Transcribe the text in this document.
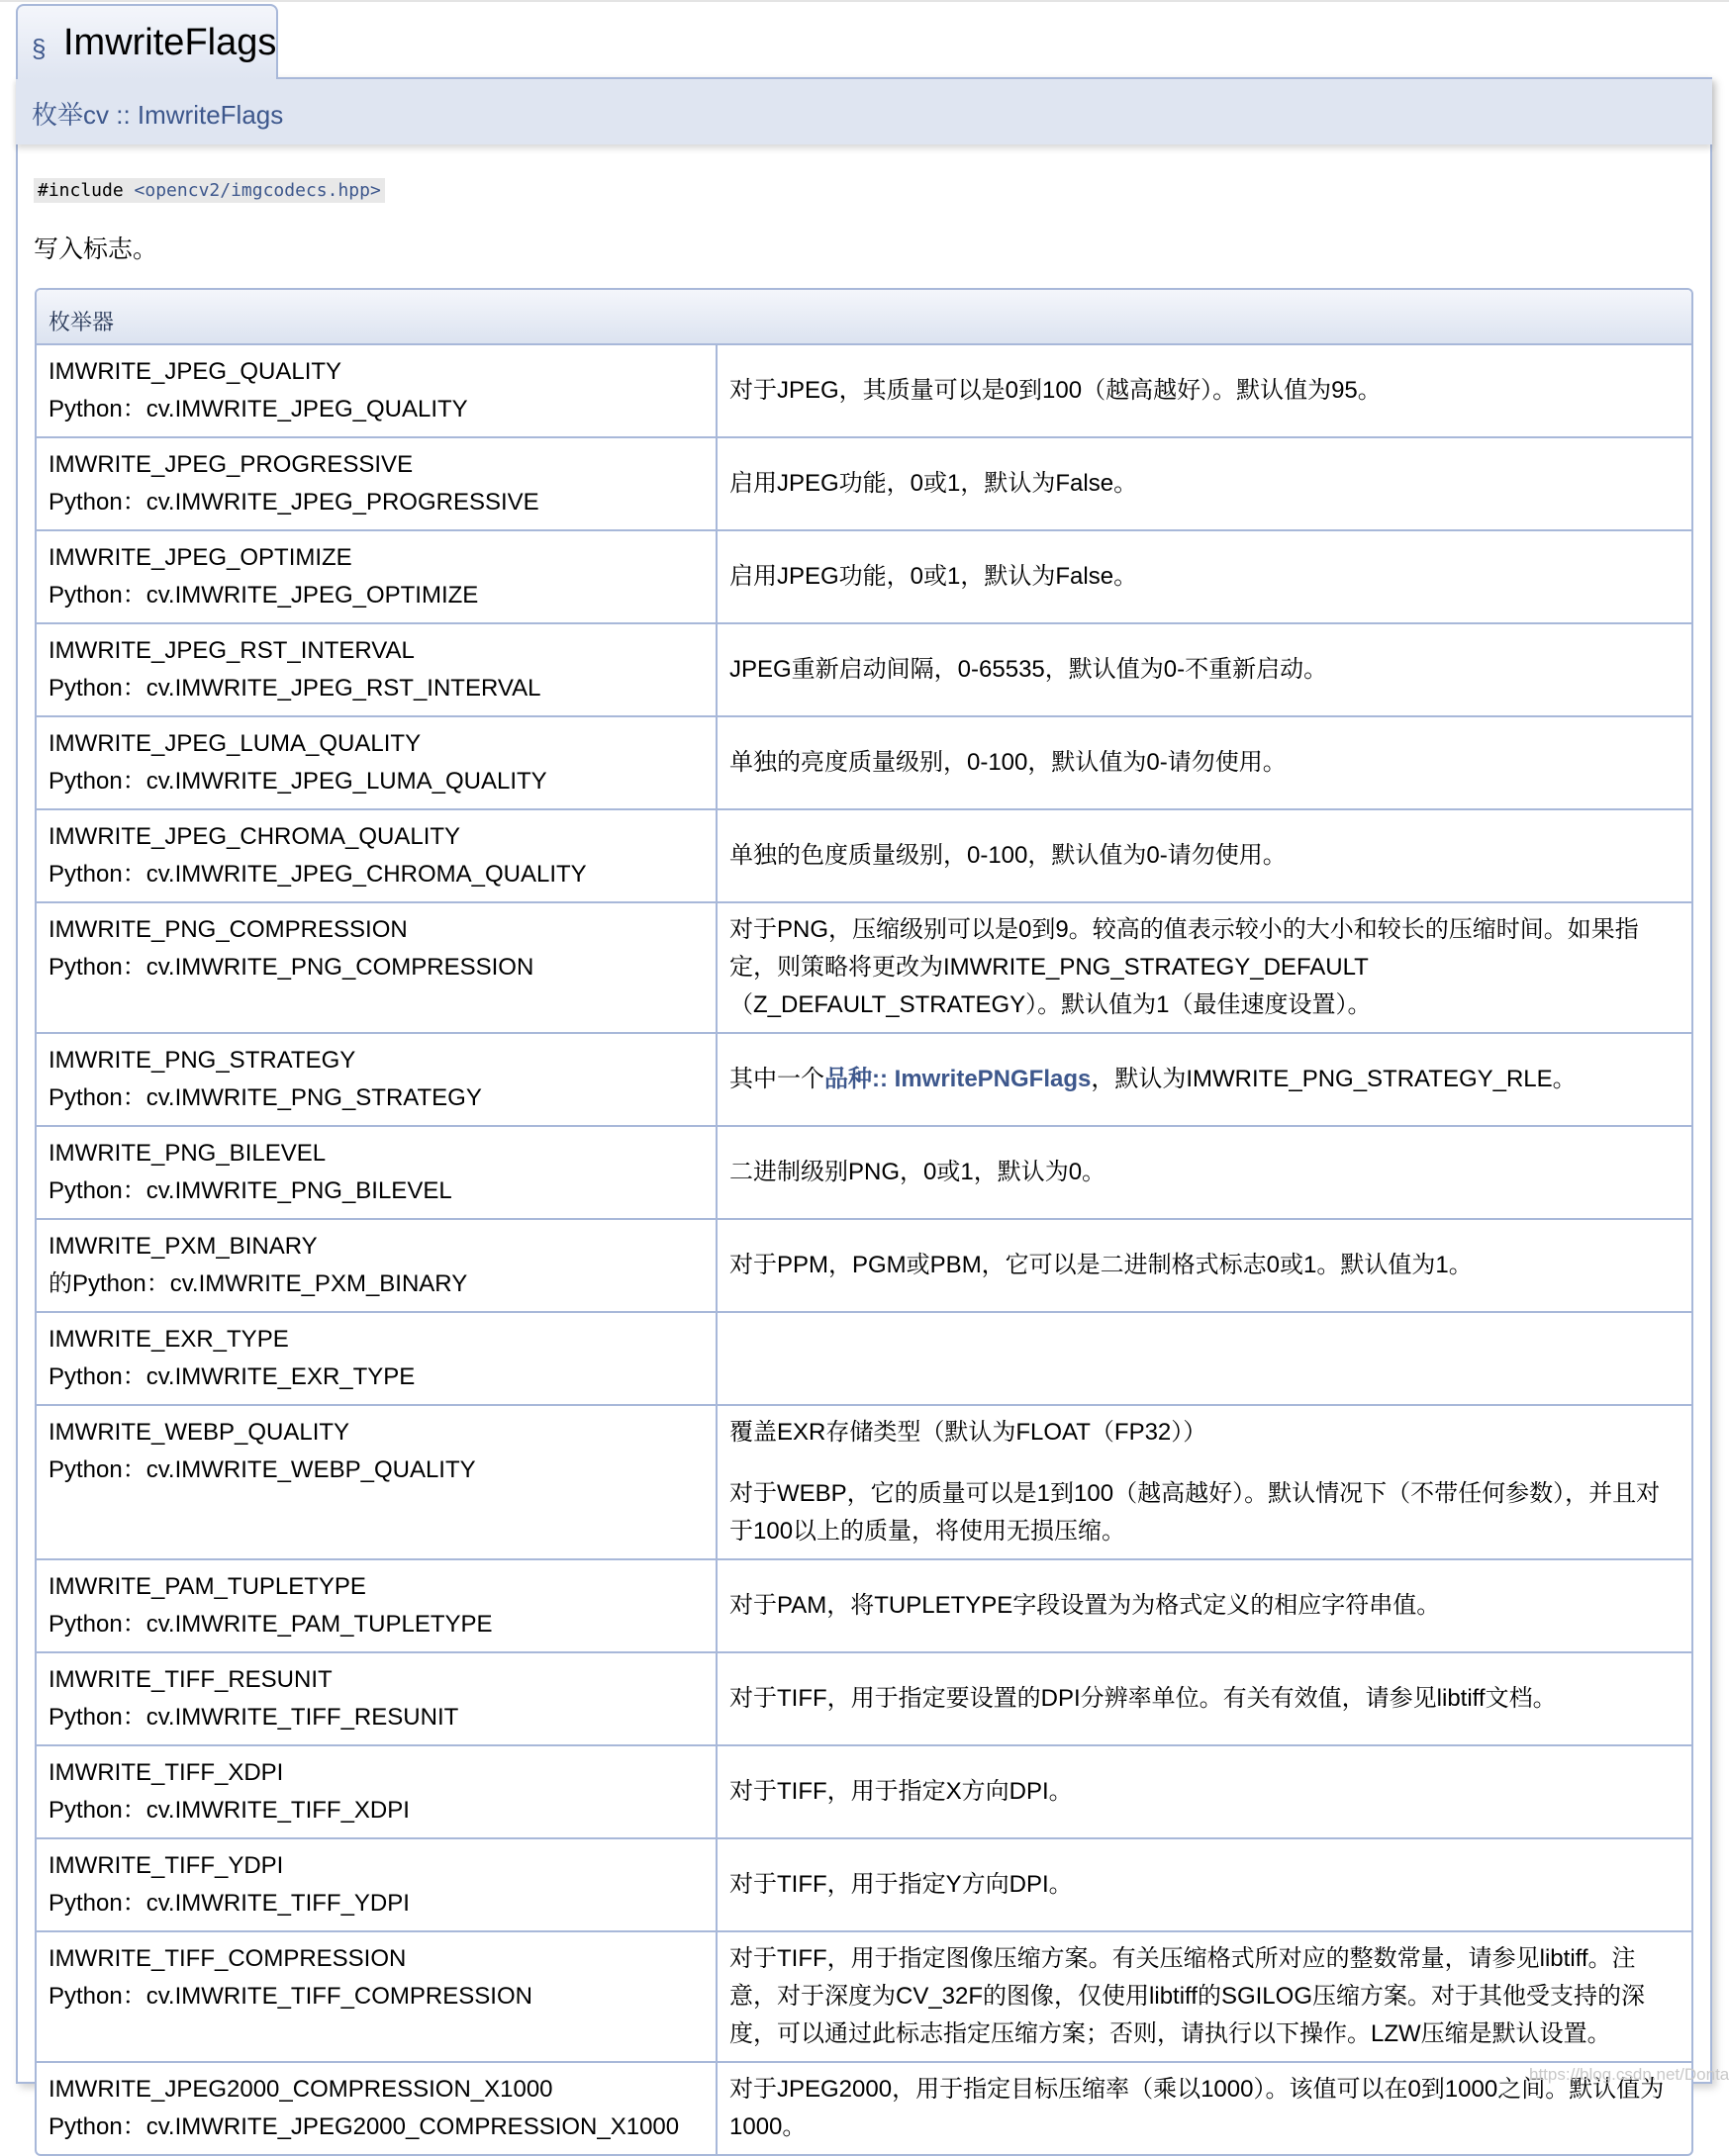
枚举cv :: ImwriteFlags
§ ImwriteFlags
#include <opencv2/imgcodecs.hpp>
写入标志。
枚举器
IMWRITE_JPEG_QUALITY
Python：cv.IMWRITE_JPEG_QUALITY

对于JPEG，其质量可以是0到100（越高越好）。默认值为95。

IMWRITE_JPEG_PROGRESSIVE
Python：cv.IMWRITE_JPEG_PROGRESSIVE

启用JPEG功能，0或1，默认为False。

IMWRITE_JPEG_OPTIMIZE
Python：cv.IMWRITE_JPEG_OPTIMIZE

启用JPEG功能，0或1，默认为False。

IMWRITE_JPEG_RST_INTERVAL
Python：cv.IMWRITE_JPEG_RST_INTERVAL

JPEG重新启动间隔，0-65535，默认值为0-不重新启动。

IMWRITE_JPEG_LUMA_QUALITY
Python：cv.IMWRITE_JPEG_LUMA_QUALITY

单独的亮度质量级别，0-100，默认值为0-请勿使用。

IMWRITE_JPEG_CHROMA_QUALITY
Python：cv.IMWRITE_JPEG_CHROMA_QUALITY

单独的色度质量级别，0-100，默认值为0-请勿使用。

IMWRITE_PNG_COMPRESSION
Python：cv.IMWRITE_PNG_COMPRESSION

对于PNG，压缩级别可以是0到9。较高的值表示较小的大小和较长的压缩时间。如果指定，则策略将更改为IMWRITE_PNG_STRATEGY_DEFAULT（Z_DEFAULT_STRATEGY）。默认值为1（最佳速度设置）。

IMWRITE_PNG_STRATEGY
Python：cv.IMWRITE_PNG_STRATEGY

其中一个品种:: ImwritePNGFlags，默认为IMWRITE_PNG_STRATEGY_RLE。

IMWRITE_PNG_BILEVEL
Python：cv.IMWRITE_PNG_BILEVEL

二进制级别PNG，0或1，默认为0。

IMWRITE_PXM_BINARY
的Python：cv.IMWRITE_PXM_BINARY

对于PPM，PGM或PBM，它可以是二进制格式标志0或1。默认值为1。

IMWRITE_EXR_TYPE
Python：cv.IMWRITE_EXR_TYPE
IMWRITE_WEBP_QUALITY
Python：cv.IMWRITE_WEBP_QUALITY

覆盖EXR存储类型（默认为FLOAT（FP32））

对于WEBP，它的质量可以是1到100（越高越好）。默认情况下（不带任何参数），并且对于100以上的质量，将使用无损压缩。

IMWRITE_PAM_TUPLETYPE
Python：cv.IMWRITE_PAM_TUPLETYPE

对于PAM，将TUPLETYPE字段设置为为格式定义的相应字符串值。

IMWRITE_TIFF_RESUNIT
Python：cv.IMWRITE_TIFF_RESUNIT

对于TIFF，用于指定要设置的DPI分辨率单位。有关有效值，请参见libtiff文档。

IMWRITE_TIFF_XDPI
Python：cv.IMWRITE_TIFF_XDPI

对于TIFF，用于指定X方向DPI。

IMWRITE_TIFF_YDPI
Python：cv.IMWRITE_TIFF_YDPI

对于TIFF，用于指定Y方向DPI。

IMWRITE_TIFF_COMPRESSION
Python：cv.IMWRITE_TIFF_COMPRESSION

对于TIFF，用于指定图像压缩方案。有关压缩格式所对应的整数常量，请参见libtiff。注意，对于深度为CV_32F的图像，仅使用libtiff的SGILOG压缩方案。对于其他受支持的深度，可以通过此标志指定压缩方案；否则，请执行以下操作。LZW压缩是默认设置。

IMWRITE_JPEG2000_COMPRESSION_X1000
Python：cv.IMWRITE_JPEG2000_COMPRESSION_X1000

对于JPEG2000，用于指定目标压缩率（乘以1000）。该值可以在0到1000之间。默认值为1000。

https://blog.csdn.net/Donta
